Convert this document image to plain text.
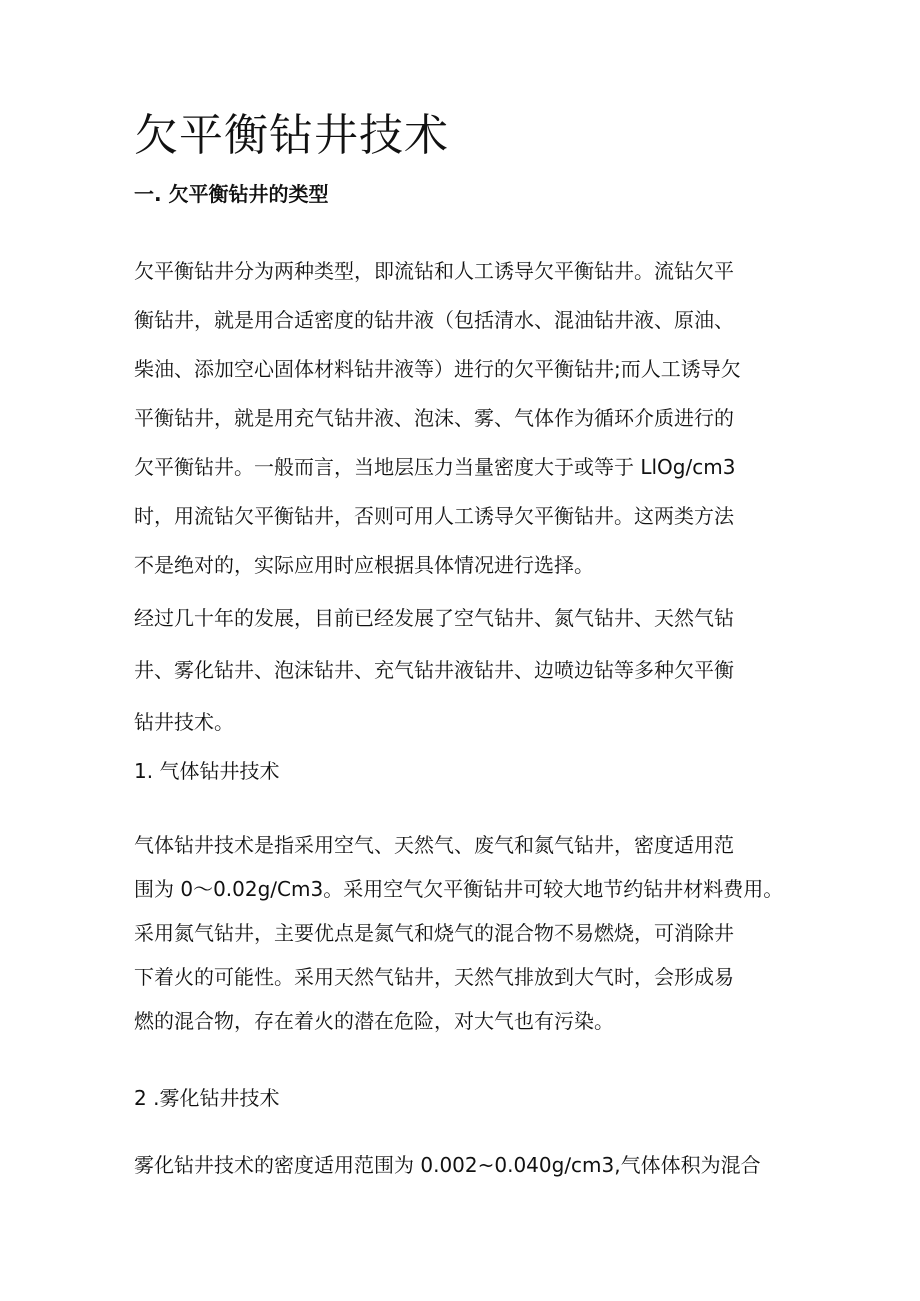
欠平衡钻井技术
一. 欠平衡钻井的类型

欠平衡钻井分为两种类型，即流钻和人工诱导欠平衡钻井。流钻欠平
衡钻井，就是用合适密度的钻井液（包括清水、混油钻井液、原油、
柴油、添加空心固体材料钻井液等）进行的欠平衡钻井;而人工诱导欠
平衡钻井，就是用充气钻井液、泡沫、雾、气体作为循环介质进行的
欠平衡钻井。一般而言，当地层压力当量密度大于或等于 LlOg/cm3
时，用流钻欠平衡钻井，否则可用人工诱导欠平衡钻井。这两类方法
不是绝对的，实际应用时应根据具体情况进行选择。

经过几十年的发展，目前已经发展了空气钻井、氮气钻井、天然气钻
井、雾化钻井、泡沫钻井、充气钻井液钻井、边喷边钻等多种欠平衡
钻井技术。

1. 气体钻井技术

气体钻井技术是指采用空气、天然气、废气和氮气钻井，密度适用范
围为 0～0.02g∕Cm3。采用空气欠平衡钻井可较大地节约钻井材料费用。
采用氮气钻井，主要优点是氮气和烧气的混合物不易燃烧，可消除井
下着火的可能性。采用天然气钻井，天然气排放到大气时，会形成易
燃的混合物，存在着火的潜在危险，对大气也有污染。

2 .雾化钻井技术

雾化钻井技术的密度适用范围为 0.002~0.040g∕cm3,气体体积为混合
